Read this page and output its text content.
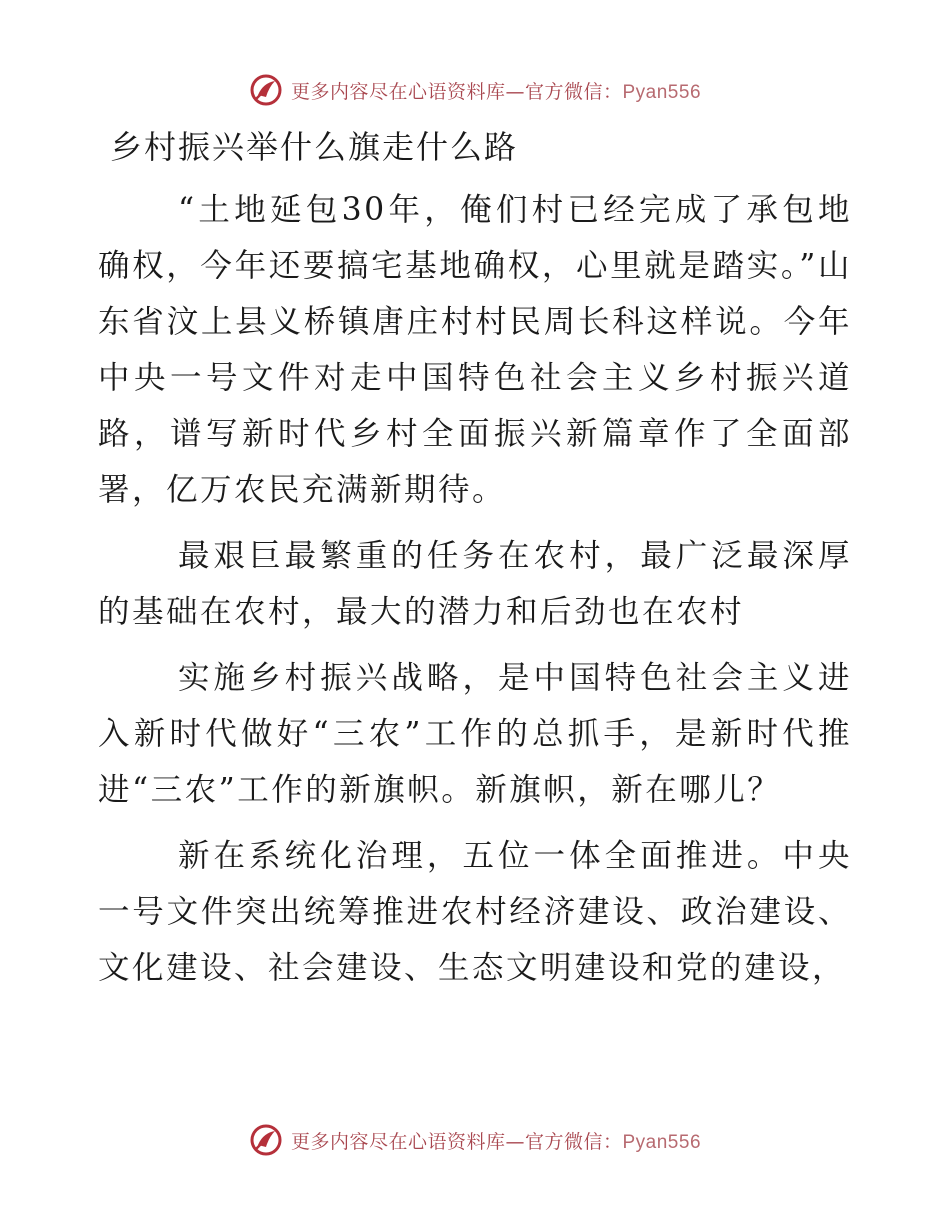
更多内容尽在心语资料库—官方微信：Pyan556
乡村振兴举什么旗走什么路

“土地延包30年，俺们村已经完成了承包地确权，今年还要搞宅基地确权，心里就是踏实。”山东省汶上县义桥镇唐庄村村民周长科这样说。今年中央一号文件对走中国特色社会主义乡村振兴道路，谱写新时代乡村全面振兴新篇章作了全面部署，亿万农民充满新期待。

最艰巨最繁重的任务在农村，最广泛最深厚的基础在农村，最大的潜力和后劲也在农村

实施乡村振兴战略，是中国特色社会主义进入新时代做好“三农”工作的总抓手，是新时代推进“三农”工作的新旗帜。新旗帜，新在哪儿？

新在系统化治理，五位一体全面推进。中央一号文件突出统筹推进农村经济建设、政治建设、文化建设、社会建设、生态文明建设和党的建设，

更多内容尽在心语资料库—官方微信：Pyan556
